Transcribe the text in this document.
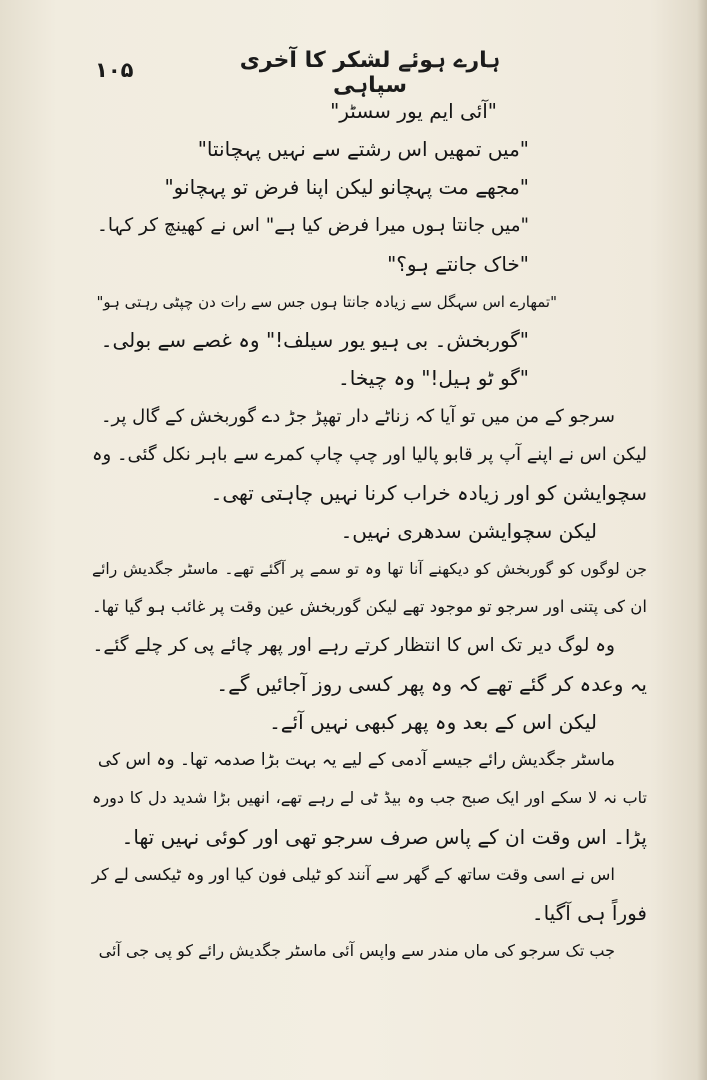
۱۰۵	ہارے ہوئے لشکر کا آخری سپاہی
"آئی ایم یور سسٹر"
"میں تمھیں اس رشتے سے نہیں پہچانتا"
"مجھے مت پہچانو لیکن اپنا فرض تو پہچانو"
"میں جانتا ہوں میرا فرض کیا ہے" اس نے کھینچ کر کہا۔
"خاک جانتے ہو؟"
"تمھارے اس سہگل سے زیادہ جانتا ہوں جس سے رات دن چپٹی رہتی ہو"
"گوربخش۔ بی ہیو یور سیلف!" وہ غصے سے بولی۔
"گو ٹو ہیل!" وہ چیخا۔
سرجو کے من میں تو آیا کہ زناٹے دار تھپڑ جڑ دے گوربخش کے گال پر۔
لیکن اس نے اپنے آپ پر قابو پالیا اور چپ چاپ کمرے سے باہر نکل گئی۔ وہ
سچوایشن کو اور زیادہ خراب کرنا نہیں چاہتی تھی۔
لیکن سچوایشن سدھری نہیں۔
جن لوگوں کو گوربخش کو دیکھنے آنا تھا وہ تو سمے پر آگئے تھے۔ ماسٹر جگدیش رائے
ان کی پتنی اور سرجو تو موجود تھے لیکن گوربخش عین وقت پر غائب ہو گیا تھا۔
وہ لوگ دیر تک اس کا انتظار کرتے رہے اور پھر چائے پی کر چلے گئے۔
یہ وعدہ کر گئے تھے کہ وہ پھر کسی روز آجائیں گے۔
لیکن اس کے بعد وہ پھر کبھی نہیں آئے۔
ماسٹر جگدیش رائے جیسے آدمی کے لیے یہ بہت بڑا صدمہ تھا۔ وہ اس کی
تاب نہ لا سکے اور ایک صبح جب وہ بیڈ ٹی لے رہے تھے، انھیں بڑا شدید دل کا دورہ
پڑا۔ اس وقت ان کے پاس صرف سرجو تھی اور کوئی نہیں تھا۔
اس نے اسی وقت ساتھ کے گھر سے آنند کو ٹیلی فون کیا اور وہ ٹیکسی لے کر
فوراً ہی آگیا۔
جب تک سرجو کی ماں مندر سے واپس آئی ماسٹر جگدیش رائے کو پی جی آئی
